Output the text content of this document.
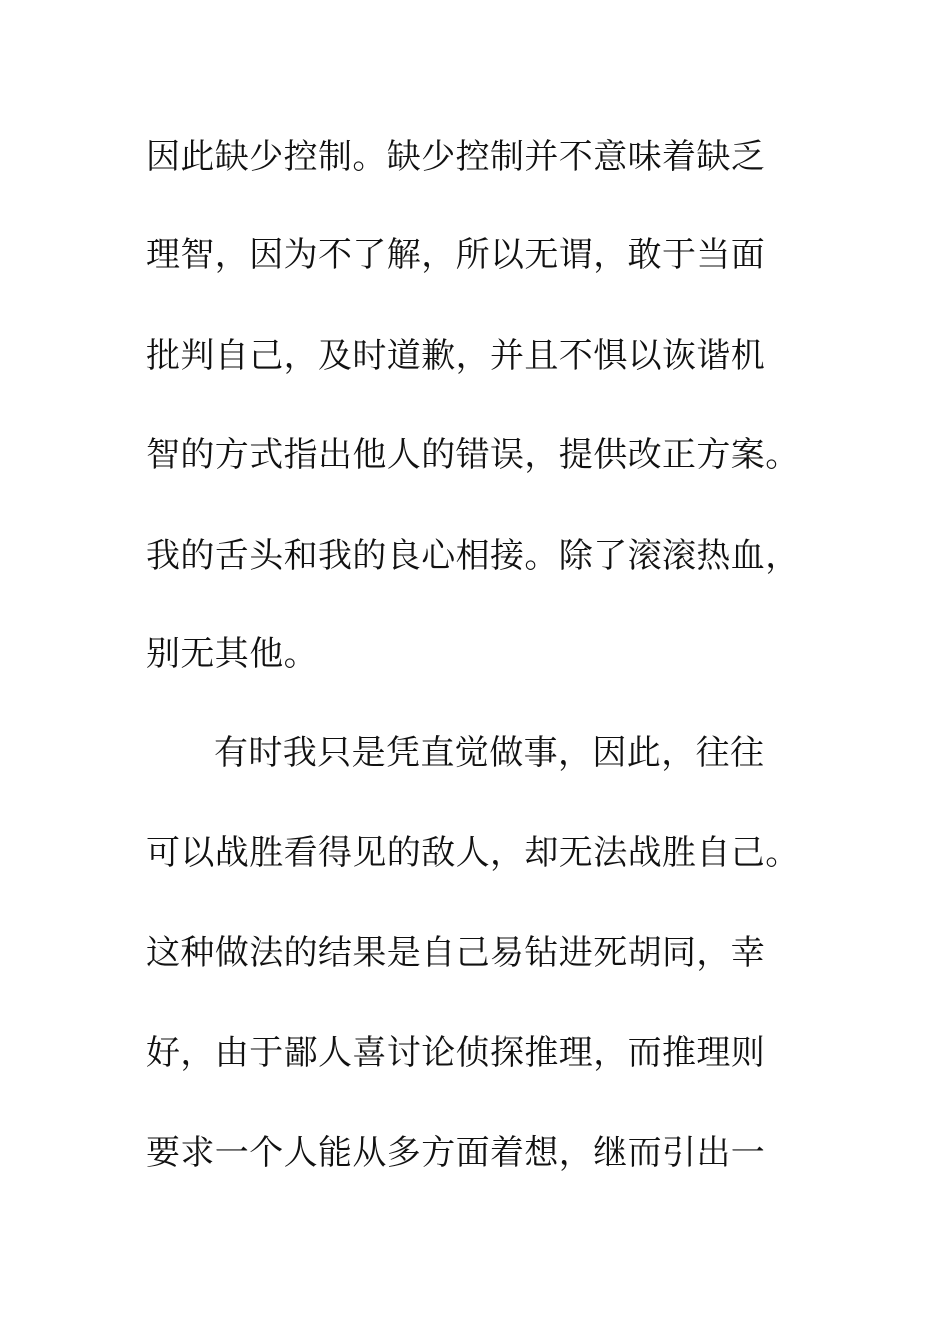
因此缺少控制。缺少控制并不意味着缺乏
理智，因为不了解，所以无谓，敢于当面
批判自己，及时道歉，并且不惧以诙谐机
智的方式指出他人的错误，提供改正方案。
我的舌头和我的良心相接。除了滚滚热血，
别无其他。
有时我只是凭直觉做事，因此，往往
可以战胜看得见的敌人，却无法战胜自己。
这种做法的结果是自己易钻进死胡同，幸
好，由于鄙人喜讨论侦探推理，而推理则
要求一个人能从多方面着想，继而引出一
